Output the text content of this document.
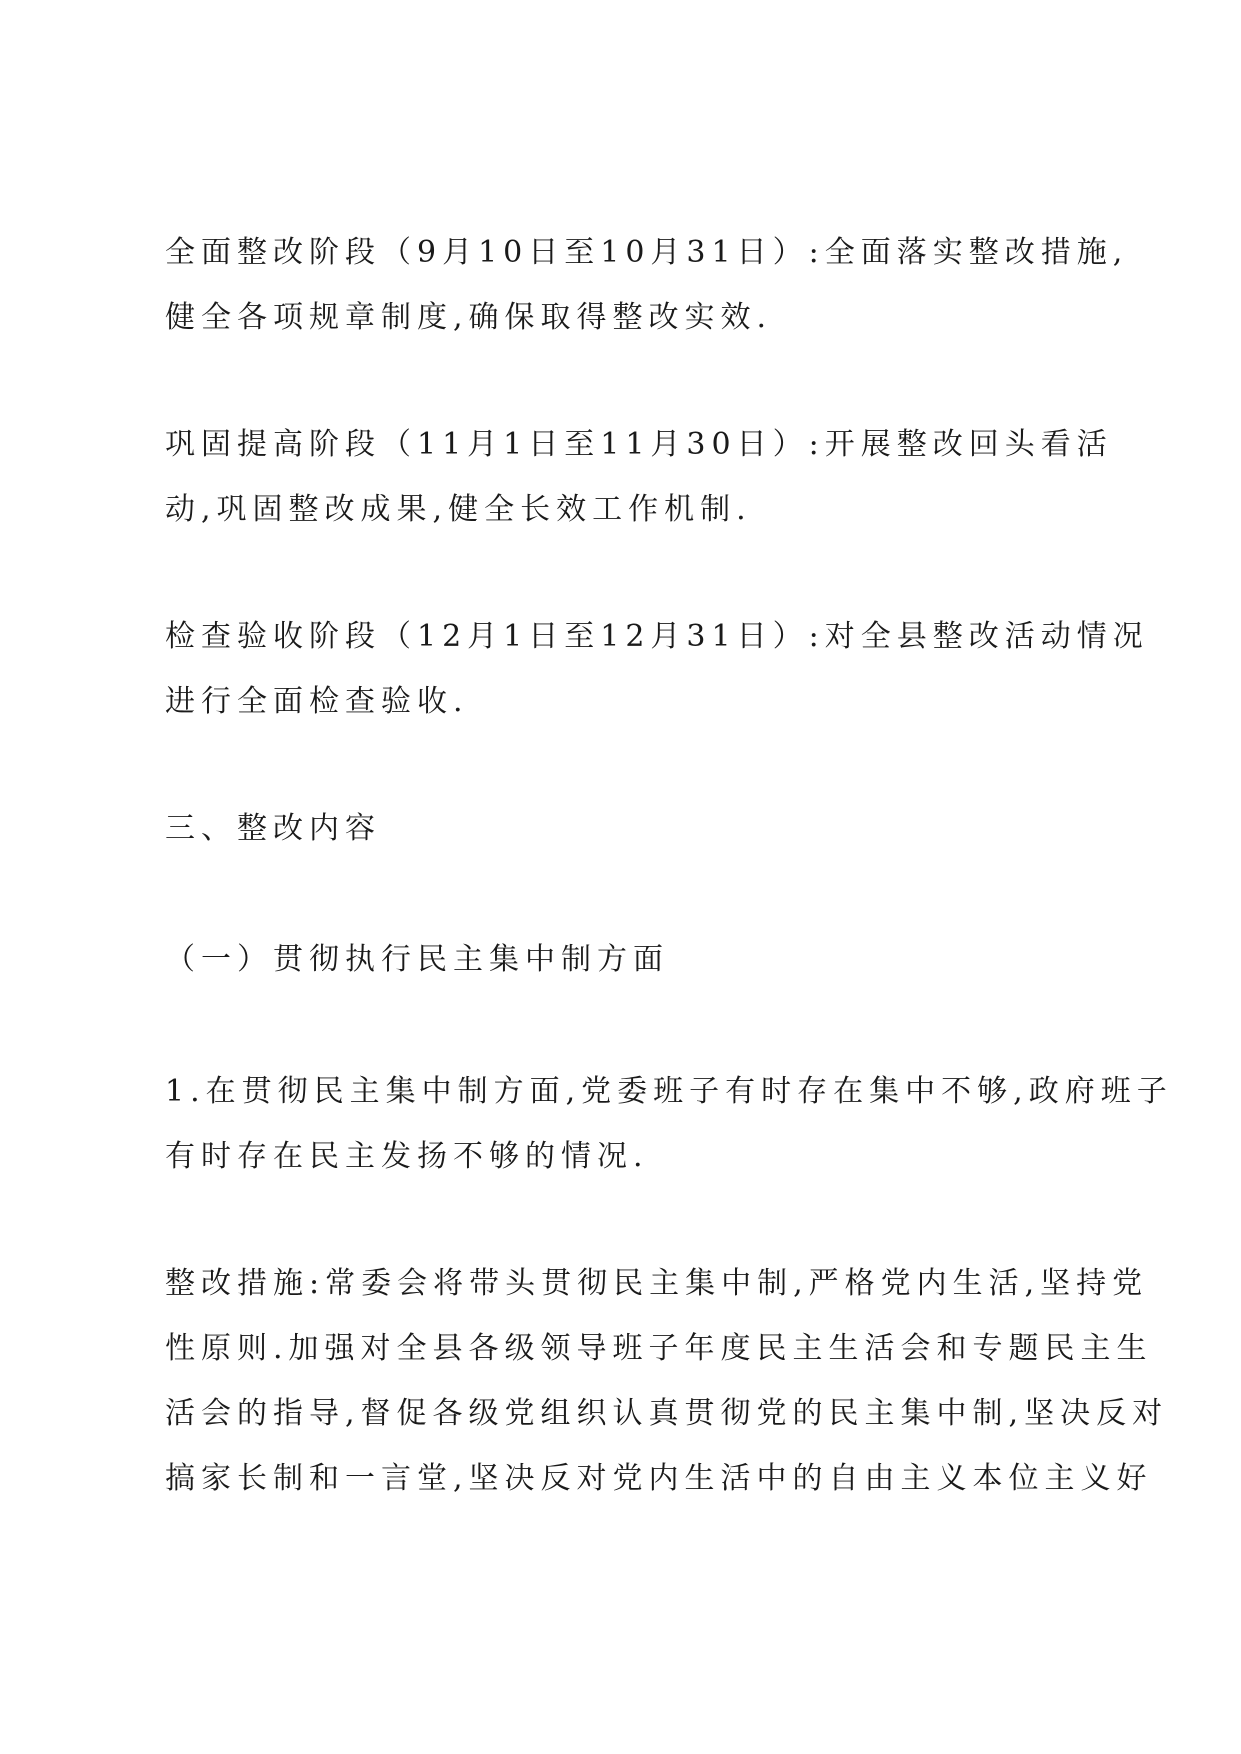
全面整改阶段（9月10日至10月31日）:全面落实整改措施,
健全各项规章制度,确保取得整改实效.
巩固提高阶段（11月1日至11月30日）:开展整改回头看活
动,巩固整改成果,健全长效工作机制.
检查验收阶段（12月1日至12月31日）:对全县整改活动情况
进行全面检查验收.
三、整改内容
（一）贯彻执行民主集中制方面
1.在贯彻民主集中制方面,党委班子有时存在集中不够,政府班子
有时存在民主发扬不够的情况.
整改措施:常委会将带头贯彻民主集中制,严格党内生活,坚持党
性原则.加强对全县各级领导班子年度民主生活会和专题民主生
活会的指导,督促各级党组织认真贯彻党的民主集中制,坚决反对
搞家长制和一言堂,坚决反对党内生活中的自由主义本位主义好
